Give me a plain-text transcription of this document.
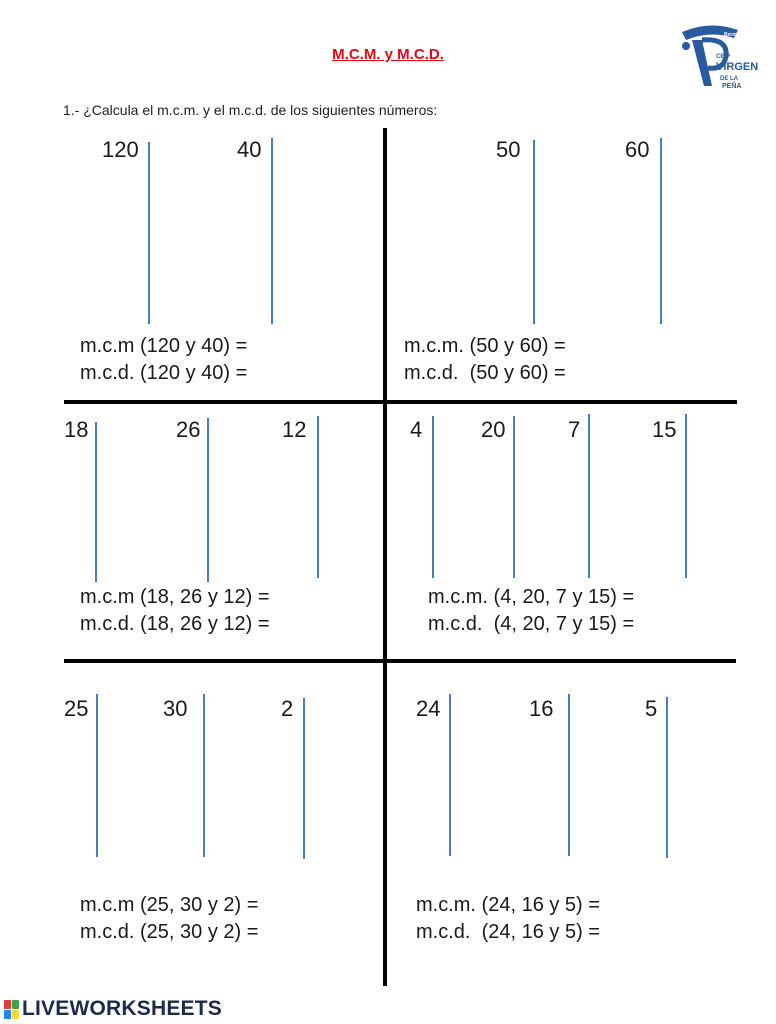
M.C.M. y M.C.D.	CEIP
VIRGEN
DE LA
PEÑA
Bermeo
1.- ¿Calcula el m.c.m. y el m.c.d. de los siguientes números:
120	40
m.c.m (120 y 40) =
m.c.d. (120 y 40) =
50	60
m.c.m. (50 y 60) =
m.c.d.  (50 y 60) =
18	26	12
m.c.m (18, 26 y 12) =
m.c.d. (18, 26 y 12) =
4	20	7	15
m.c.m. (4, 20, 7 y 15) =
m.c.d.  (4, 20, 7 y 15) =
25	30	2
m.c.m (25, 30 y 2) =
m.c.d. (25, 30 y 2) =
24	16	5
m.c.m. (24, 16 y 5) =
m.c.d.  (24, 16 y 5) =
LIVEWORKSHEETS
